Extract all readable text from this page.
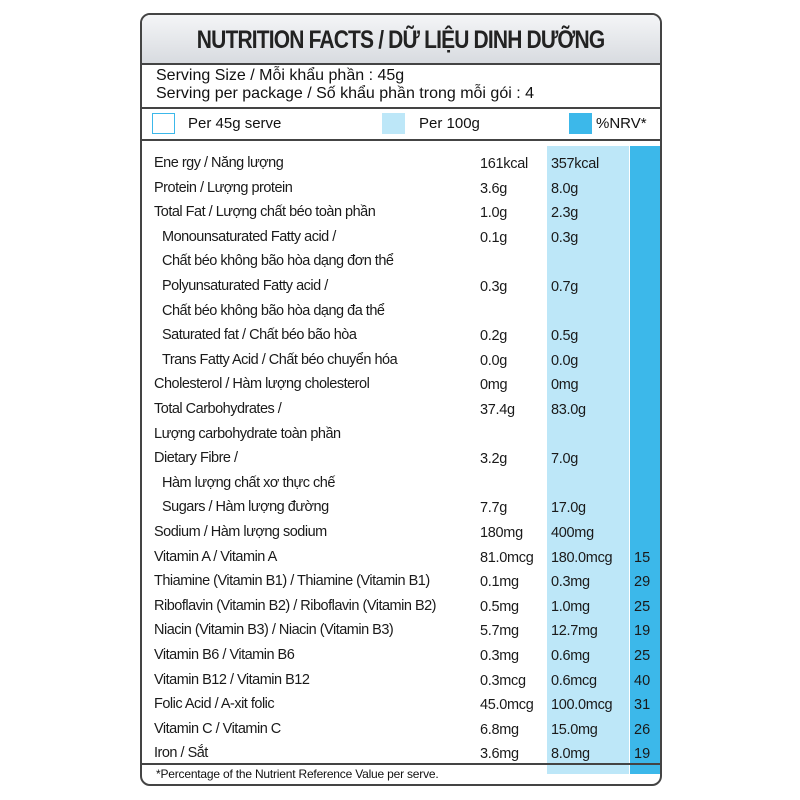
NUTRITION FACTS / DỮ LIỆU DINH DƯỠNG
Serving Size / Mỗi khẩu phần : 45g
Serving per package / Số khẩu phần trong mỗi gói : 4
Per 45g serve	Per 100g	%NRV*
Ene rgy / Năng lượng	161kcal 357kcal
Protein / Lượng protein	3.6g	8.0g
Total Fat / Lượng chất béo toàn phần	1.0g	2.3g
Monounsaturated Fatty acid /	0.1g	0.3g
Chất béo không bão hòa dạng đơn thể
Polyunsaturated Fatty acid /	0.3g	0.7g
Chất béo không bão hòa dạng đa thể
Saturated fat / Chất béo bão hòa	0.2g	0.5g
Trans Fatty Acid / Chất béo chuyển hóa	0.0g	0.0g
Cholesterol / Hàm lượng cholesterol	0mg	0mg
Total Carbohydrates /	37.4g 83.0g
Lượng carbohydrate toàn phần
Dietary Fibre /	3.2g	7.0g
Hàm lượng chất xơ thực chế
Sugars / Hàm lượng đường	7.7g	17.0g
Sodium / Hàm lượng sodium	180mg 400mg
Vitamin A / Vitamin A	81.0mcg 180.0mcg 15
Thiamine (Vitamin B1) / Thiamine (Vitamin B1)	0.1mg 0.3mg	29
Riboflavin (Vitamin B2) / Riboflavin (Vitamin B2)	0.5mg 1.0mg	25
Niacin (Vitamin B3) / Niacin (Vitamin B3)	5.7mg 12.7mg	19
Vitamin B6 / Vitamin B6	0.3mg 0.6mg	25
Vitamin B12 / Vitamin B12	0.3mcg 0.6mcg	40
Folic Acid / A-xit folic	45.0mcg 100.0mcg 31
Vitamin C / Vitamin C	6.8mg 15.0mg	26
Iron / Sắt	3.6mg 8.0mg	19
*Percentage of the Nutrient Reference Value per serve.
